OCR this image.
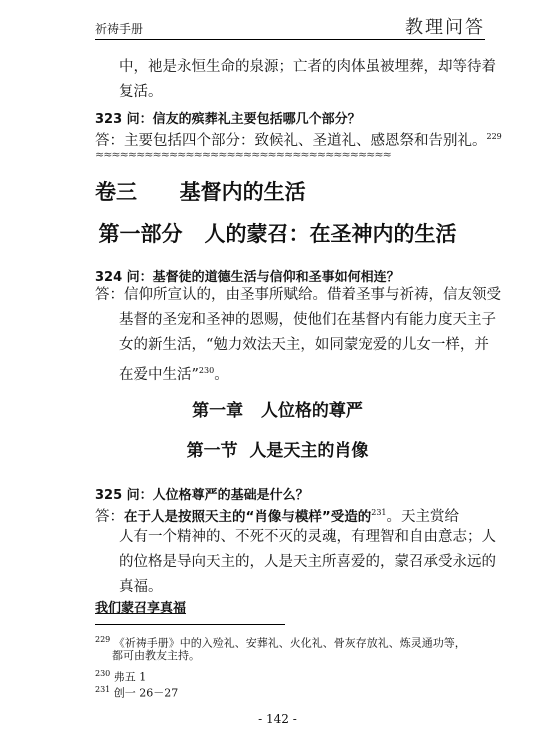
祈祷手册	教理问答
中，祂是永恒生命的泉源；亡者的肉体虽被埋葬，却等待着
复活。
323 问：信友的殡葬礼主要包括哪几个部分？
答：主要包括四个部分：致候礼、圣道礼、感恩祭和告别礼。$^{229}$
≈≈≈≈≈≈≈≈≈≈≈≈≈≈≈≈≈≈≈≈≈≈≈≈≈≈≈≈≈≈≈≈≈≈≈≈
卷三 基督内的生活
第一部分 人的蒙召：在圣神内的生活
324 问：基督徒的道德生活与信仰和圣事如何相连？
答：信仰所宣认的，由圣事所赋给。借着圣事与祈祷，信友领受
基督的圣宠和圣神的恩赐，使他们在基督内有能力度天主子
女的新生活，“勉力效法天主，如同蒙宠爱的儿女一样，并
在爱中生活”$^{230}$。
第一章 人位格的尊严
第一节 人是天主的肖像
325 问：人位格尊严的基础是什么？
答：在于人是按照天主的“肖像与模样”受造的$^{231}$。天主赏给
人有一个精神的、不死不灭的灵魂，有理智和自由意志；人
的位格是导向天主的，人是天主所喜爱的，蒙召承受永远的
真福。
我们蒙召享真福
$^{229}$ 《祈祷手册》中的入殓礼、安葬礼、火化礼、骨灰存放礼、炼灵通功等，
都可由教友主持。
$^{230}$ 弗五 1
$^{231}$ 创一 26－27
- 142 -
